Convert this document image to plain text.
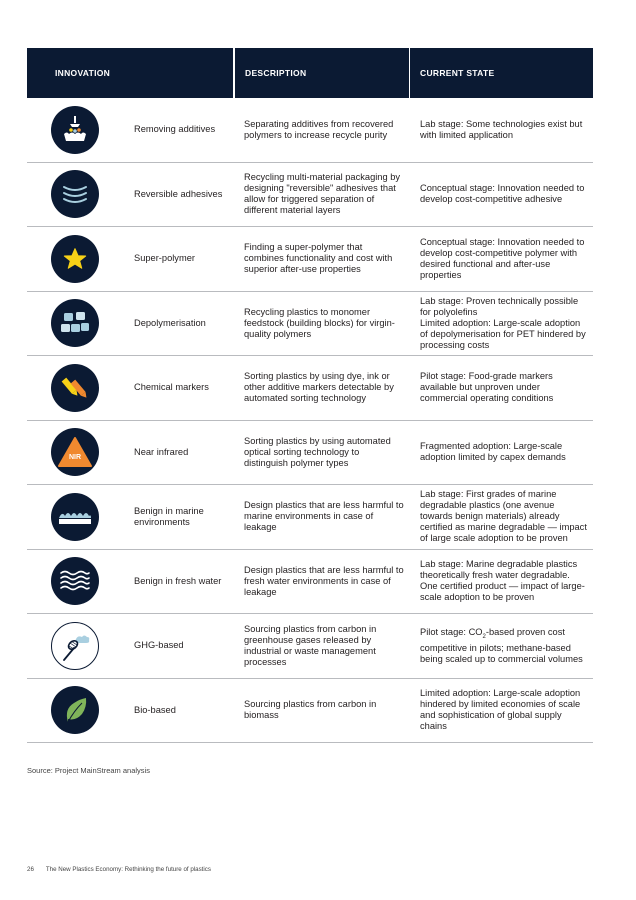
INNOVATION	DESCRIPTION	CURRENT STATE
Removing additives
Separating additives from recovered polymers to increase recycle purity
Lab stage: Some technologies exist but with limited application
Reversible adhesives
Recycling multi-material packaging by designing "reversible" adhesives that allow for triggered separation of different material layers
Conceptual stage: Innovation needed to develop cost-competitive adhesive
Super-polymer
Finding a super-polymer that combines functionality and cost with superior after-use properties
Conceptual stage: Innovation needed to develop cost-competitive polymer with desired functional and after-use properties
Depolymerisation
Recycling plastics to monomer feedstock (building blocks) for virgin-quality polymers
Lab stage: Proven technically possible for polyolefins
Limited adoption: Large-scale adoption of depolymerisation for PET hindered by processing costs
Chemical markers
Sorting plastics by using dye, ink or other additive markers detectable by automated sorting technology
Pilot stage: Food-grade markers available but unproven under commercial operating conditions
NIR
Near infrared
Sorting plastics by using automated optical sorting technology to distinguish polymer types
Fragmented adoption: Large-scale adoption limited by capex demands
Benign in marine environments
Design plastics that are less harmful to marine environments in case of leakage
Lab stage: First grades of marine degradable plastics (one avenue towards benign materials) already certified as marine degradable — impact of large scale adoption to be proven
Benign in fresh water
Design plastics that are less harmful to fresh water environments in case of leakage
Lab stage: Marine degradable plastics theoretically fresh water degradable. One certified product — impact of large-scale adoption to be proven
GHG-based
Sourcing plastics from carbon in greenhouse gases released by industrial or waste management processes
Pilot stage: $CO_2$-based proven cost competitive in pilots; methane-based being scaled up to commercial volumes
Bio-based
Sourcing plastics from carbon in biomass
Limited adoption: Large-scale adoption hindered by limited economies of scale and sophistication of global supply chains
Source: Project MainStream analysis
26 The New Plastics Economy: Rethinking the future of plastics
